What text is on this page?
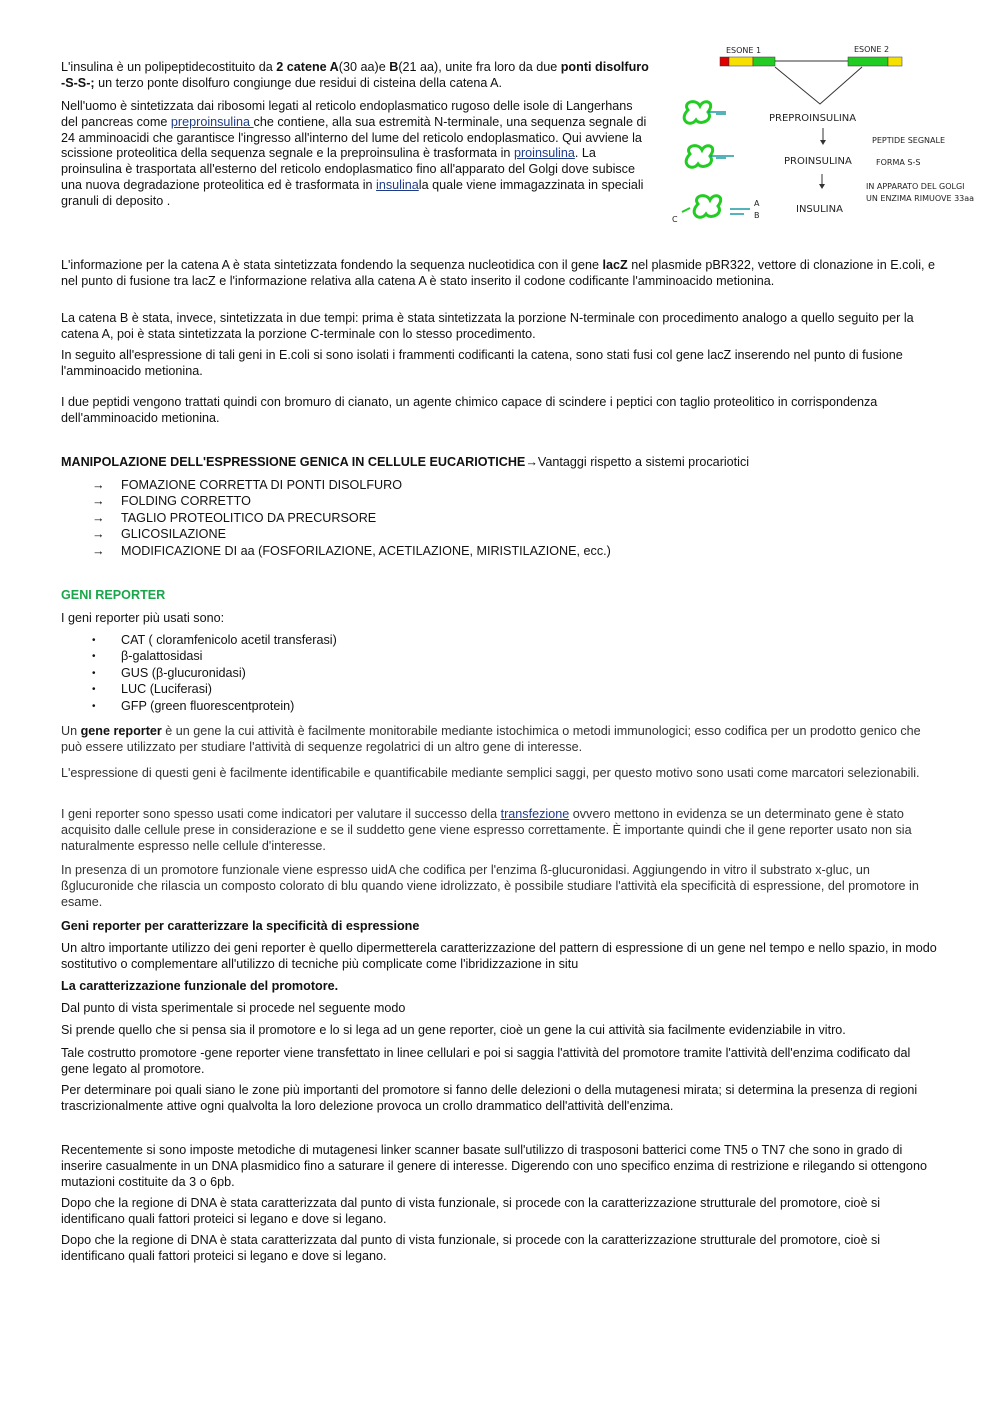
L'insulina è un polipeptidecostituito da 2 catene A(30 aa)e B(21 aa), unite fra loro da due ponti disolfuro -S-S-; un terzo ponte disolfuro congiunge due residui di cisteina della catena A.

Nell'uomo è sintetizzata dai ribosomi legati al reticolo endoplasmatico rugoso delle isole di Langerhans del pancreas come preproinsulina che contiene, alla sua estremità N-terminale, una sequenza segnale di 24 amminoacidi che garantisce l'ingresso all'interno del lume del reticolo endoplasmatico. Qui avviene la scissione proteolitica della sequenza segnale e la preproinsulina è trasformata in proinsulina. La proinsulina è trasportata all'esterno del reticolo endoplasmatico fino all'apparato del Golgi dove subisce una nuova degradazione proteolitica ed è trasformata in insulinala quale viene immagazzinata in speciali granuli di deposito .

ESONE 1	ESONE 2
PREPROINSULINA
PEPTIDE SEGNALE
PROINSULINA	FORMA S-S
IN APPARATO DEL GOLGI
UN ENZIMA RIMUOVE 33aa
A
B
C
INSULINA

L'informazione per la catena A è stata sintetizzata fondendo la sequenza nucleotidica con il gene lacZ nel plasmide pBR322, vettore di clonazione in E.coli, e nel punto di fusione tra lacZ e l'informazione relativa alla catena A è stato inserito il codone codificante l'amminoacido metionina.

La catena B è stata, invece, sintetizzata in due tempi: prima è stata sintetizzata la porzione N-terminale con procedimento analogo a quello seguito per la catena A, poi è stata sintetizzata la porzione C-terminale con lo stesso procedimento.

In seguito all'espressione di tali geni in E.coli si sono isolati i frammenti codificanti la catena, sono stati fusi col gene lacZ inserendo nel punto di fusione l'amminoacido metionina.

I due peptidi vengono trattati quindi con bromuro di cianato, un agente chimico capace di scindere i peptici con taglio proteolitico in corrispondenza dell'amminoacido metionina.

MANIPOLAZIONE DELL'ESPRESSIONE GENICA IN CELLULE EUCARIOTICHE→Vantaggi rispetto a sistemi procariotici

→ FOMAZIONE CORRETTA DI PONTI DISOLFURO
→ FOLDING CORRETTO
→ TAGLIO PROTEOLITICO DA PRECURSORE
→ GLICOSILAZIONE
→ MODIFICAZIONE DI aa (FOSFORILAZIONE, ACETILAZIONE, MIRISTILAZIONE, ecc.)

GENI REPORTER

I geni reporter più usati sono:

• CAT ( cloramfenicolo acetil transferasi)
• β-galattosidasi
• GUS (β-glucuronidasi)
• LUC (Luciferasi)
• GFP (green fluorescentprotein)

Un gene reporter è un gene la cui attività è facilmente monitorabile mediante istochimica o metodi immunologici; esso codifica per un prodotto genico che può essere utilizzato per studiare l'attività di sequenze regolatrici di un altro gene di interesse.

L'espressione di questi geni è facilmente identificabile e quantificabile mediante semplici saggi, per questo motivo sono usati come marcatori selezionabili.

I geni reporter sono spesso usati come indicatori per valutare il successo della transfezione ovvero mettono in evidenza se un determinato gene è stato acquisito dalle cellule prese in considerazione e se il suddetto gene viene espresso correttamente. È importante quindi che il gene reporter usato non sia naturalmente espresso nelle cellule d'interesse.

In presenza di un promotore funzionale viene espresso uidA che codifica per l'enzima ß-glucuronidasi. Aggiungendo in vitro il substrato x-gluc, un ßglucuronide che rilascia un composto colorato di blu quando viene idrolizzato, è possibile studiare l'attività ela specificità di espressione, del promotore in esame.

Geni reporter per caratterizzare la specificità di espressione

Un altro importante utilizzo dei geni reporter è quello dipermetterela caratterizzazione del pattern di espressione di un gene nel tempo e nello spazio, in modo sostitutivo o complementare all'utilizzo di tecniche più complicate come l'ibridizzazione in situ

La caratterizzazione funzionale del promotore.

Dal punto di vista sperimentale si procede nel seguente modo

Si prende quello che si pensa sia il promotore e lo si lega ad un gene reporter, cioè un gene la cui attività sia facilmente evidenziabile in vitro.

Tale costrutto promotore -gene reporter viene transfettato in linee cellulari e poi si saggia l'attività del promotore tramite l'attività dell'enzima codificato dal gene legato al promotore.

Per determinare poi quali siano le zone più importanti del promotore si fanno delle delezioni o della mutagenesi mirata; si determina la presenza di regioni trascrizionalmente attive ogni qualvolta la loro delezione provoca un crollo drammatico dell'attività dell'enzima.

Recentemente si sono imposte metodiche di mutagenesi linker scanner basate sull'utilizzo di trasposoni batterici come TN5 o TN7 che sono in grado di inserire casualmente in un DNA plasmidico fino a saturare il genere di interesse. Digerendo con uno specifico enzima di restrizione e rilegando si ottengono mutazioni costituite da 3 o 6pb.

Dopo che la regione di DNA è stata caratterizzata dal punto di vista funzionale, si procede con la caratterizzazione strutturale del promotore, cioè si identificano quali fattori proteici si legano e dove si legano.

Dopo che la regione di DNA è stata caratterizzata dal punto di vista funzionale, si procede con la caratterizzazione strutturale del promotore, cioè si identificano quali fattori proteici si legano e dove si legano.
